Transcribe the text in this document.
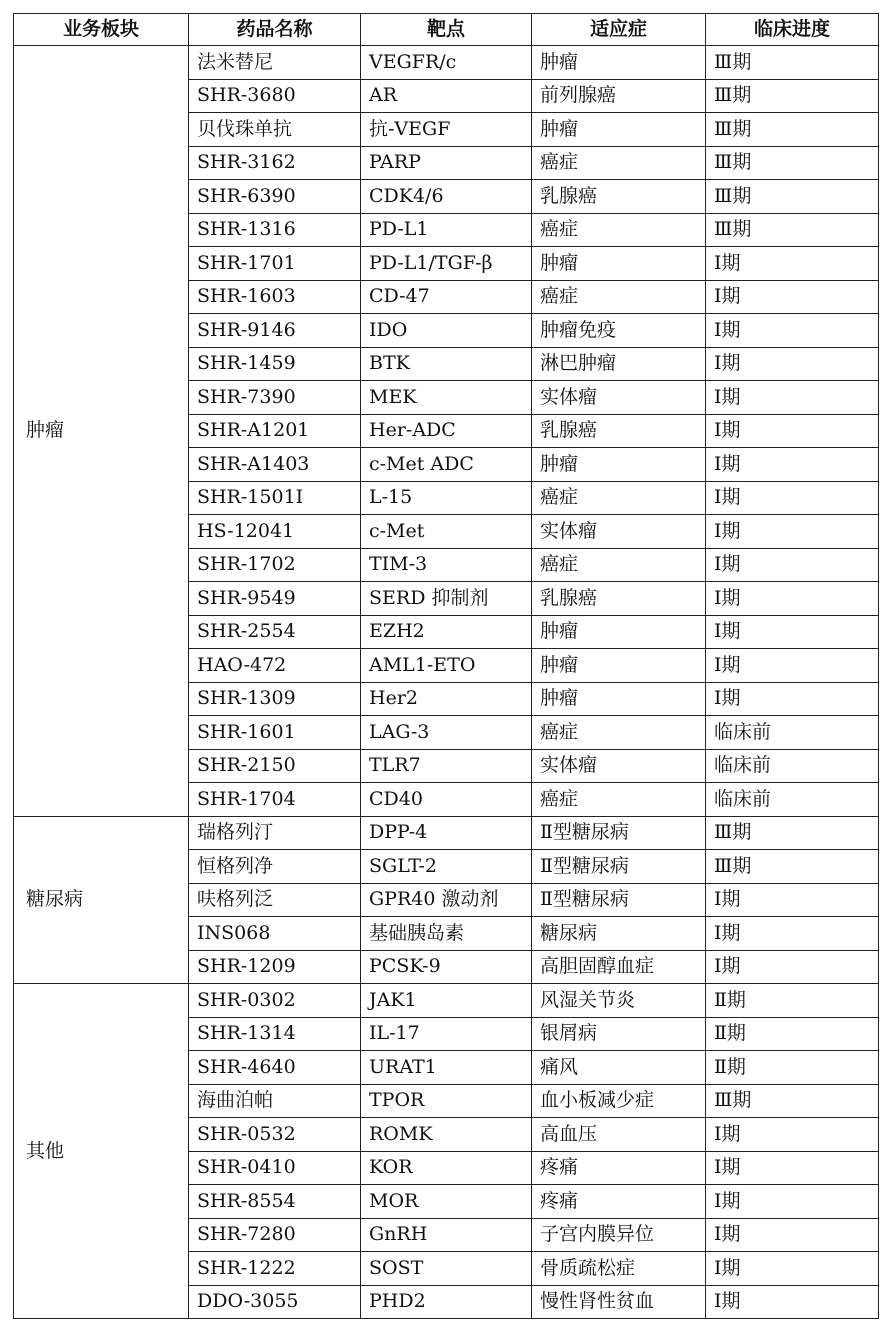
业务板块	药品名称	靶点	适应症	临床进度
肿瘤	法米替尼	VEGFR/c	肿瘤	Ⅲ期
	SHR-3680	AR	前列腺癌	Ⅲ期
	贝伐珠单抗	抗-VEGF	肿瘤	Ⅲ期
	SHR-3162	PARP	癌症	Ⅲ期
	SHR-6390	CDK4/6	乳腺癌	Ⅲ期
	SHR-1316	PD-L1	癌症	Ⅲ期
	SHR-1701	PD-L1/TGF-β	肿瘤	Ⅰ期
	SHR-1603	CD-47	癌症	Ⅰ期
	SHR-9146	IDO	肿瘤免疫	Ⅰ期
	SHR-1459	BTK	淋巴肿瘤	Ⅰ期
	SHR-7390	MEK	实体瘤	Ⅰ期
	SHR-A1201	Her-ADC	乳腺癌	Ⅰ期
	SHR-A1403	c-Met ADC	肿瘤	Ⅰ期
	SHR-1501I	L-15	癌症	Ⅰ期
	HS-12041	c-Met	实体瘤	Ⅰ期
	SHR-1702	TIM-3	癌症	Ⅰ期
	SHR-9549	SERD 抑制剂	乳腺癌	Ⅰ期
	SHR-2554	EZH2	肿瘤	Ⅰ期
	HAO-472	AML1-ETO	肿瘤	Ⅰ期
	SHR-1309	Her2	肿瘤	Ⅰ期
	SHR-1601	LAG-3	癌症	临床前
	SHR-2150	TLR7	实体瘤	临床前
	SHR-1704	CD40	癌症	临床前
糖尿病	瑞格列汀	DPP-4	Ⅱ型糖尿病	Ⅲ期
	恒格列净	SGLT-2	Ⅱ型糖尿病	Ⅲ期
	呋格列泛	GPR40 激动剂	Ⅱ型糖尿病	Ⅰ期
	INS068	基础胰岛素	糖尿病	Ⅰ期
	SHR-1209	PCSK-9	高胆固醇血症	Ⅰ期
其他	SHR-0302	JAK1	风湿关节炎	Ⅱ期
	SHR-1314	IL-17	银屑病	Ⅱ期
	SHR-4640	URAT1	痛风	Ⅱ期
	海曲泊帕	TPOR	血小板减少症	Ⅲ期
	SHR-0532	ROMK	高血压	Ⅰ期
	SHR-0410	KOR	疼痛	Ⅰ期
	SHR-8554	MOR	疼痛	Ⅰ期
	SHR-7280	GnRH	子宫内膜异位	Ⅰ期
	SHR-1222	SOST	骨质疏松症	Ⅰ期
	DDO-3055	PHD2	慢性肾性贫血	Ⅰ期
